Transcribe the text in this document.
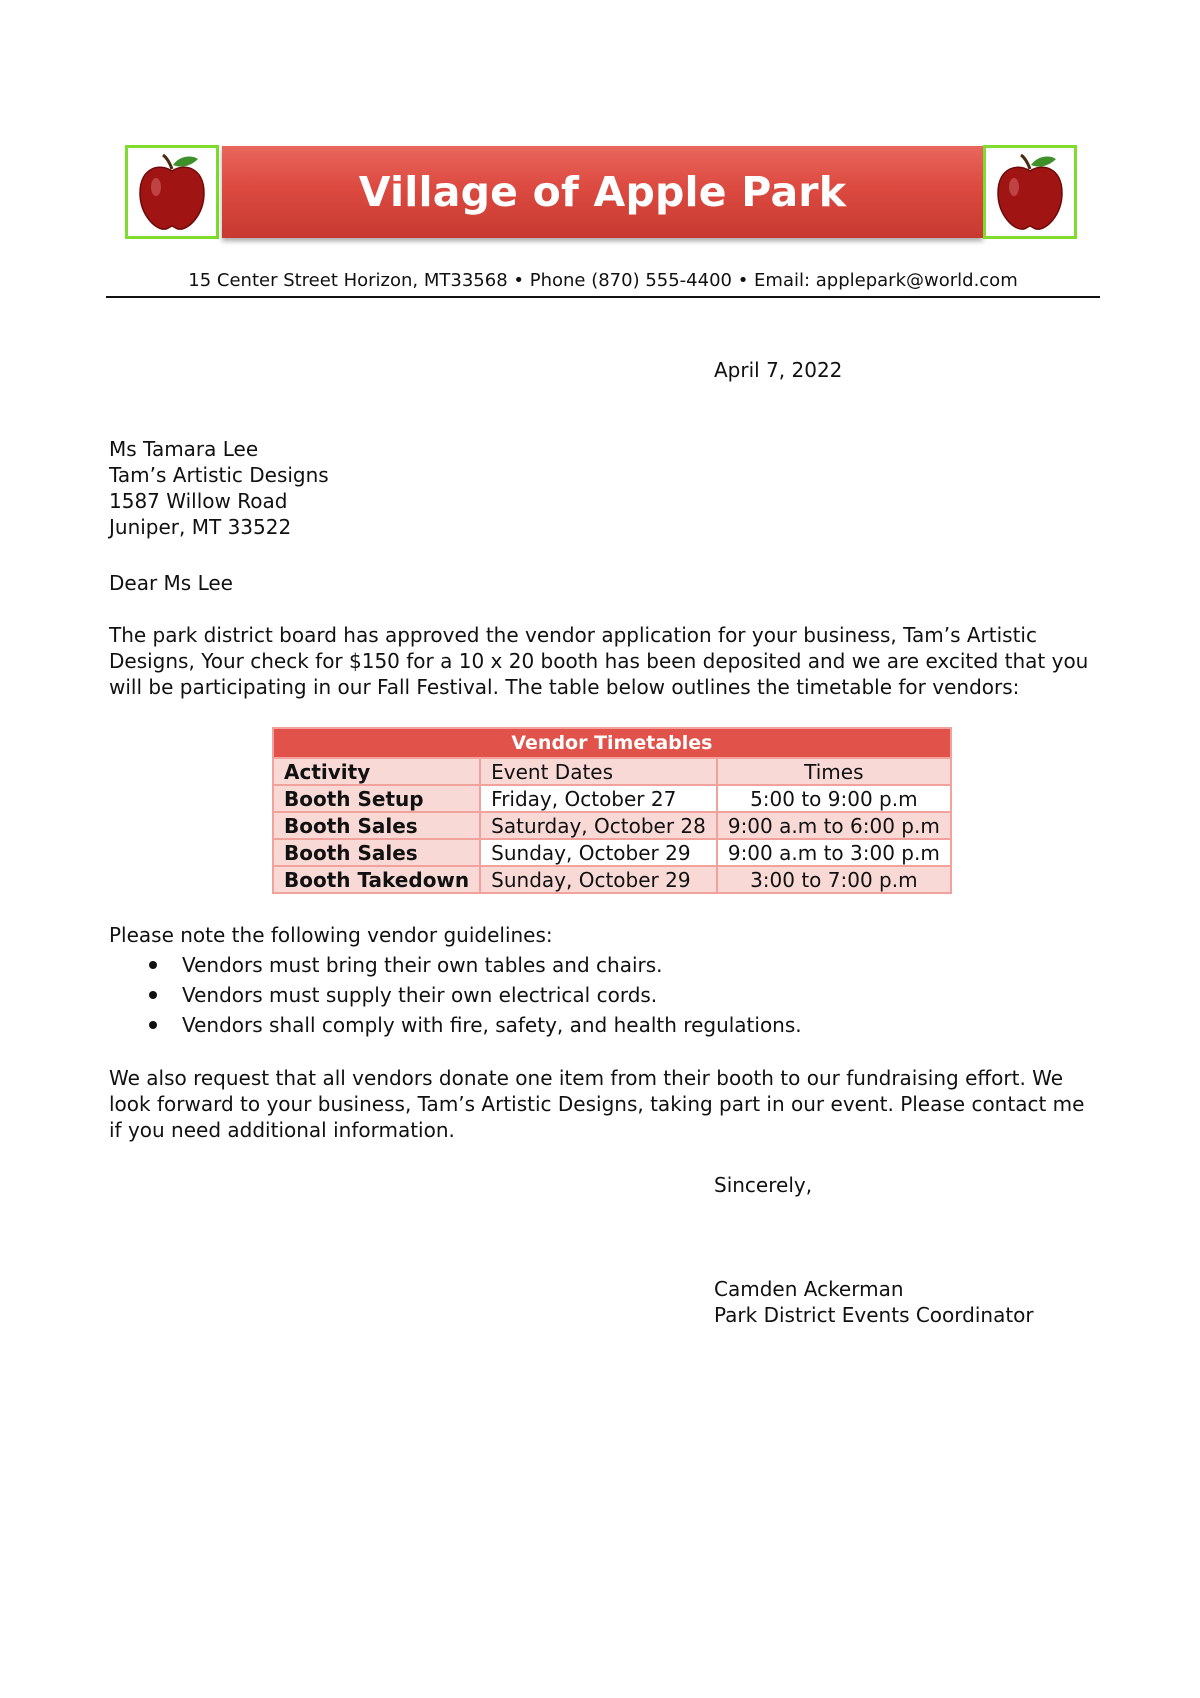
Village of Apple Park
15 Center Street Horizon, MT33568 • Phone (870) 555-4400 • Email: applepark@world.com
April 7, 2022
Ms Tamara Lee
Tam’s Artistic Designs
1587 Willow Road
Juniper, MT 33522
Dear Ms Lee
The park district board has approved the vendor application for your business, Tam’s Artistic Designs, Your check for $150 for a 10 x 20 booth has been deposited and we are excited that you will be participating in our Fall Festival. The table below outlines the timetable for vendors:
Vendor Timetables		
Activity	Event Dates	Times
Booth Setup	Friday, October 27	5:00 to 9:00 p.m
Booth Sales	Saturday, October 28	9:00 a.m to 6:00 p.m
Booth Sales	Sunday, October 29	9:00 a.m to 3:00 p.m
Booth Takedown	Sunday, October 29	3:00 to 7:00 p.m
Please note the following vendor guidelines:
Vendors must bring their own tables and chairs.
Vendors must supply their own electrical cords.
Vendors shall comply with fire, safety, and health regulations.
We also request that all vendors donate one item from their booth to our fundraising effort. We look forward to your business, Tam’s Artistic Designs, taking part in our event. Please contact me if you need additional information.
Sincerely,
Camden Ackerman
Park District Events Coordinator
